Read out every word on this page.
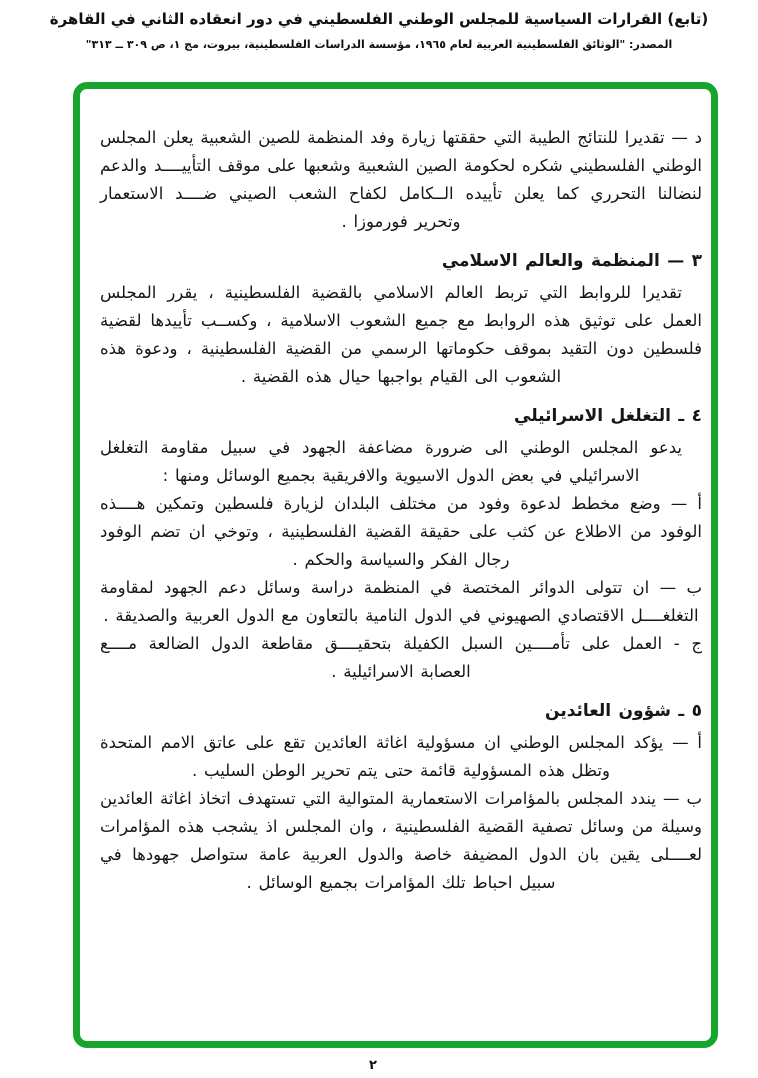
(تابع) القرارات السياسية للمجلس الوطني الفلسطيني في دور انعقاده الثاني في القاهرة
المصدر: "الوثائق الفلسطينية العربية لعام ١٩٦٥، مؤسسة الدراسات الفلسطينية، بيروت، مج ١، ص ٣٠٩ ــ ٣١٣"

د — تقديرا للنتائج الطيبة التي حققتها زيارة وفد المنظمة للصين الشعبية يعلن المجلس الوطني الفلسطيني شكره لحكومة الصين الشعبية وشعبها على موقف التأييــــد والدعم لنضالنا التحرري كما يعلن تأييده الــكامل لكفاح الشعب الصيني ضــــد الاستعمار وتحرير فورموزا .

٣ — المنظمة والعالم الاسلامي

تقديرا للروابط التي تربط العالم الاسلامي بالقضية الفلسطينية ، يقرر المجلس العمل على توثيق هذه الروابط مع جميع الشعوب الاسلامية ، وكســب تأييدها لقضية فلسطين دون التقيد بموقف حكوماتها الرسمي من القضية الفلسطينية ، ودعوة هذه الشعوب الى القيام بواجبها حيال هذه القضية .

٤ ـ التغلغل الاسرائيلي

يدعو المجلس الوطني الى ضرورة مضاعفة الجهود في سبيل مقاومة التغلغل الاسرائيلي في بعض الدول الاسيوية والافريقية بجميع الوسائل ومنها :

أ — وضع مخطط لدعوة وفود من مختلف البلدان لزيارة فلسطين وتمكين هــــذه الوفود من الاطلاع عن كثب على حقيقة القضية الفلسطينية ، وتوخي ان تضم الوفود رجال الفكر والسياسة والحكم .

ب — ان تتولى الدوائر المختصة في المنظمة دراسة وسائل دعم الجهود لمقاومة التغلغــــل الاقتصادي الصهيوني في الدول النامية بالتعاون مع الدول العربية والصديقة .

ج - العمل على تأمــــين السبل الكفيلة بتحقيــــق مقاطعة الدول الضالعة مــــع العصابة الاسرائيلية .

٥ ـ شؤون العائدين

أ — يؤكد المجلس الوطني ان مسؤولية اغاثة العائدين تقع على عاتق الامم المتحدة وتظل هذه المسؤولية قائمة حتى يتم تحرير الوطن السليب .

ب — يندد المجلس بالمؤامرات الاستعمارية المتوالية التي تستهدف اتخاذ اغاثة العائدين وسيلة من وسائل تصفية القضية الفلسطينية ، وان المجلس اذ يشجب هذه المؤامرات لعــــلى يقين بان الدول المضيفة خاصة والدول العربية عامة ستواصل جهودها في سبيل احباط تلك المؤامرات بجميع الوسائل .

٢
